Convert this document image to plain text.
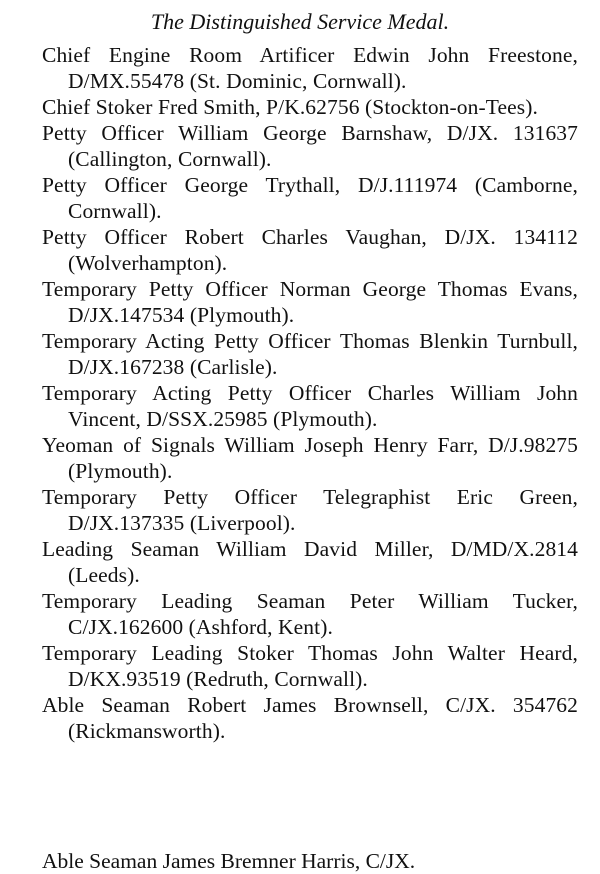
The Distinguished Service Medal.
Chief Engine Room Artificer Edwin John Freestone, D/MX.55478 (St. Dominic, Cornwall).
Chief Stoker Fred Smith, P/K.62756 (Stockton-on-Tees).
Petty Officer William George Barnshaw, D/JX. 131637 (Callington, Cornwall).
Petty Officer George Trythall, D/J.111974 (Camborne, Cornwall).
Petty Officer Robert Charles Vaughan, D/JX. 134112 (Wolverhampton).
Temporary Petty Officer Norman George Thomas Evans, D/JX.147534 (Plymouth).
Temporary Acting Petty Officer Thomas Blenkin Turnbull, D/JX.167238 (Carlisle).
Temporary Acting Petty Officer Charles William John Vincent, D/SSX.25985 (Plymouth).
Yeoman of Signals William Joseph Henry Farr, D/J.98275 (Plymouth).
Temporary Petty Officer Telegraphist Eric Green, D/JX.137335 (Liverpool).
Leading Seaman William David Miller, D/MD/X.2814 (Leeds).
Temporary Leading Seaman Peter William Tucker, C/JX.162600 (Ashford, Kent).
Temporary Leading Stoker Thomas John Walter Heard, D/KX.93519 (Redruth, Cornwall).
Able Seaman Robert James Brownsell, C/JX. 354762 (Rickmansworth).
Able Seaman James Bremner Harris, C/JX.
